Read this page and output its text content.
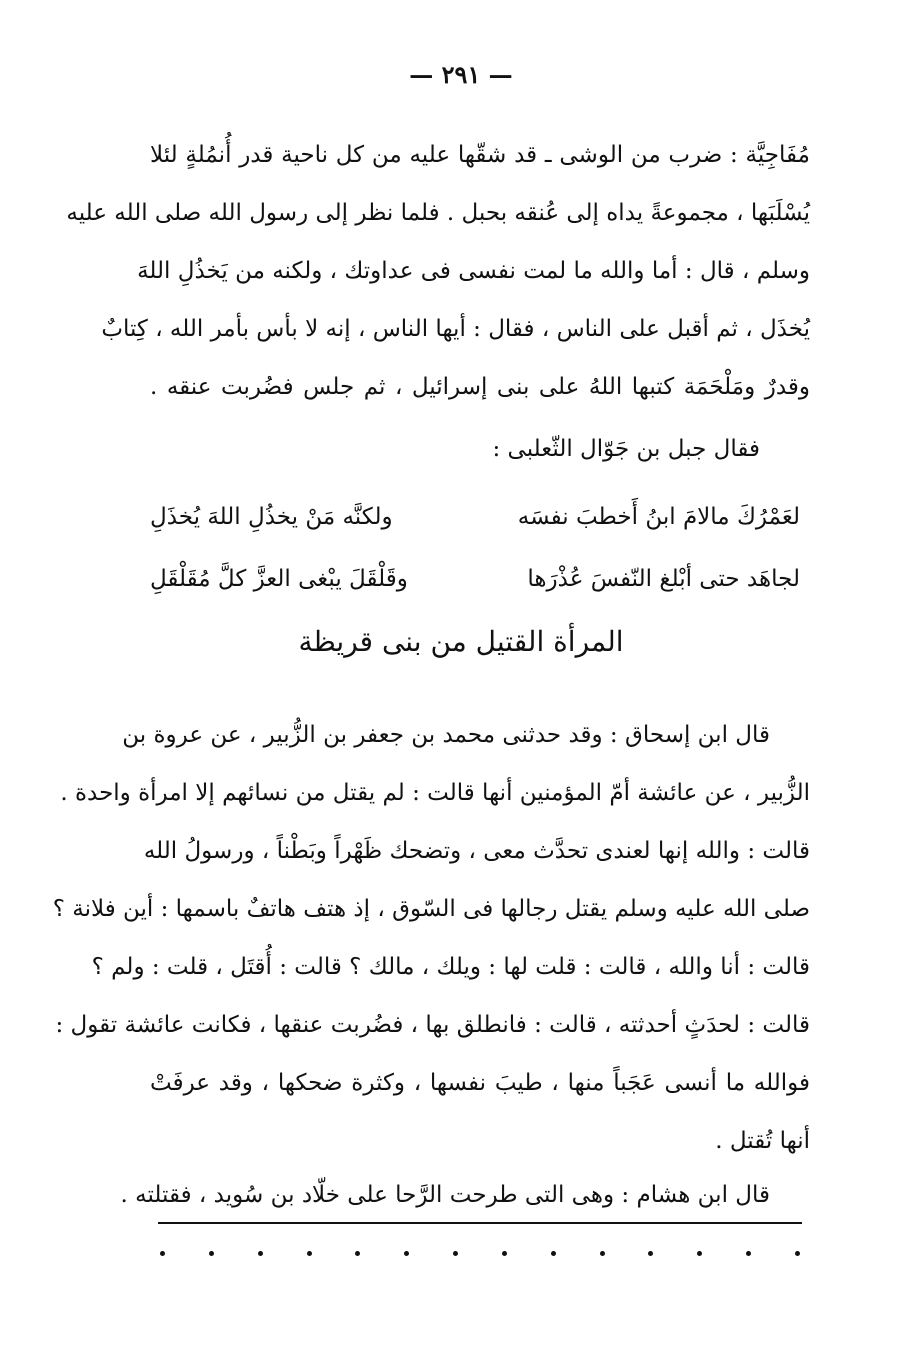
— ٢٩١ —
مُفَاجِيَّة : ضرب من الوشى ـ قد شقّها عليه من كل ناحية قدر أُنمُلةٍ لئلا
يُسْلَبَها ، مجموعةً يداه إلى عُنقه بحبل . فلما نظر إلى رسول الله صلى الله عليه
وسلم ، قال : أما والله ما لمت نفسى فى عداوتك ، ولكنه من يَخذُلِ اللهَ
يُخذَل ، ثم أقبل على الناس ، فقال : أيها الناس ، إنه لا بأس بأمر الله ، كِتابٌ
وقدرٌ ومَلْحَمَة كتبها اللهُ على بنى إسرائيل ، ثم جلس فضُربت عنقه .
فقال جبل بن جَوّال الثّعلبى :
لعَمْرُكَ مالامَ ابنُ أَخطبَ نفسَه
ولكنَّه مَنْ يخذُلِ اللهَ يُخذَلِ
لجاهَد حتى أبْلغ النّفسَ عُذْرَها
وقَلْقَلَ يبْغى العزَّ كلَّ مُقَلْقَلِ
المرأة القتيل من بنى قريظة
قال ابن إسحاق : وقد حدثنى محمد بن جعفر بن الزُّبير ، عن عروة بن
الزُّبير ، عن عائشة أمّ المؤمنين أنها قالت : لم يقتل من نسائهم إلا امرأة واحدة .
قالت : والله إنها لعندى تحدَّث معى ، وتضحك ظَهْراً وبَطْناً ، ورسولُ الله
صلى الله عليه وسلم يقتل رجالها فى السّوق ، إذ هتف هاتفٌ باسمها : أين فلانة ؟
قالت : أنا والله ، قالت : قلت لها : ويلك ، مالك ؟ قالت : أُقتَل ، قلت : ولم ؟
قالت : لحدَثٍ أحدثته ، قالت : فانطلق بها ، فضُربت عنقها ، فكانت عائشة تقول :
فوالله ما أنسى عَجَباً منها ، طيبَ نفسها ، وكثرة ضحكها ، وقد عرفَتْ
أنها تُقتل .
قال ابن هشام : وهى التى طرحت الرَّحا على خلّاد بن سُويد ، فقتلته .
